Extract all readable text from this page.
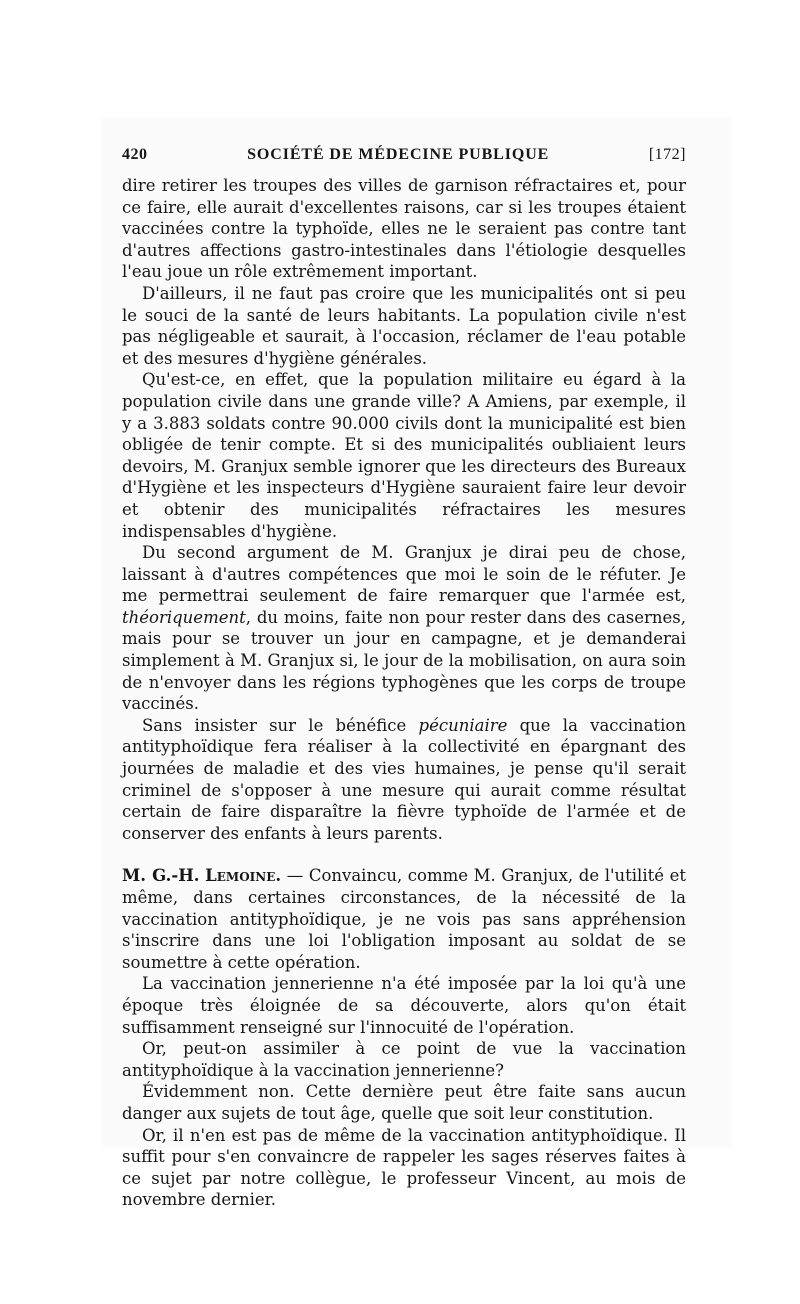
420	SOCIÉTÉ DE MÉDECINE PUBLIQUE	[172]

dire retirer les troupes des villes de garnison réfractaires et, pour ce faire, elle aurait d'excellentes raisons, car si les troupes étaient vaccinées contre la typhoïde, elles ne le seraient pas contre tant d'autres affections gastro-intestinales dans l'étiologie desquelles l'eau joue un rôle extrêmement important.

D'ailleurs, il ne faut pas croire que les municipalités ont si peu le souci de la santé de leurs habitants. La population civile n'est pas négligeable et saurait, à l'occasion, réclamer de l'eau potable et des mesures d'hygiène générales.

Qu'est-ce, en effet, que la population militaire eu égard à la population civile dans une grande ville? A Amiens, par exemple, il y a 3.883 soldats contre 90.000 civils dont la municipalité est bien obligée de tenir compte. Et si des municipalités oubliaient leurs devoirs, M. Granjux semble ignorer que les directeurs des Bureaux d'Hygiène et les inspecteurs d'Hygiène sauraient faire leur devoir et obtenir des municipalités réfractaires les mesures indispensables d'hygiène.

Du second argument de M. Granjux je dirai peu de chose, laissant à d'autres compétences que moi le soin de le réfuter. Je me permettrai seulement de faire remarquer que l'armée est, théoriquement, du moins, faite non pour rester dans des casernes, mais pour se trouver un jour en campagne, et je demanderai simplement à M. Granjux si, le jour de la mobilisation, on aura soin de n'envoyer dans les régions typhogènes que les corps de troupe vaccinés.

Sans insister sur le bénéfice pécuniaire que la vaccination antityphoïdique fera réaliser à la collectivité en épargnant des journées de maladie et des vies humaines, je pense qu'il serait criminel de s'opposer à une mesure qui aurait comme résultat certain de faire disparaître la fièvre typhoïde de l'armée et de conserver des enfants à leurs parents.

M. G.-H. Lemoine. — Convaincu, comme M. Granjux, de l'utilité et même, dans certaines circonstances, de la nécessité de la vaccination antityphoïdique, je ne vois pas sans appréhension s'inscrire dans une loi l'obligation imposant au soldat de se soumettre à cette opération.

La vaccination jennerienne n'a été imposée par la loi qu'à une époque très éloignée de sa découverte, alors qu'on était suffisamment renseigné sur l'innocuité de l'opération.

Or, peut-on assimiler à ce point de vue la vaccination antityphoïdique à la vaccination jennerienne?

Évidemment non. Cette dernière peut être faite sans aucun danger aux sujets de tout âge, quelle que soit leur constitution.

Or, il n'en est pas de même de la vaccination antityphoïdique. Il suffit pour s'en convaincre de rappeler les sages réserves faites à ce sujet par notre collègue, le professeur Vincent, au mois de novembre dernier.
